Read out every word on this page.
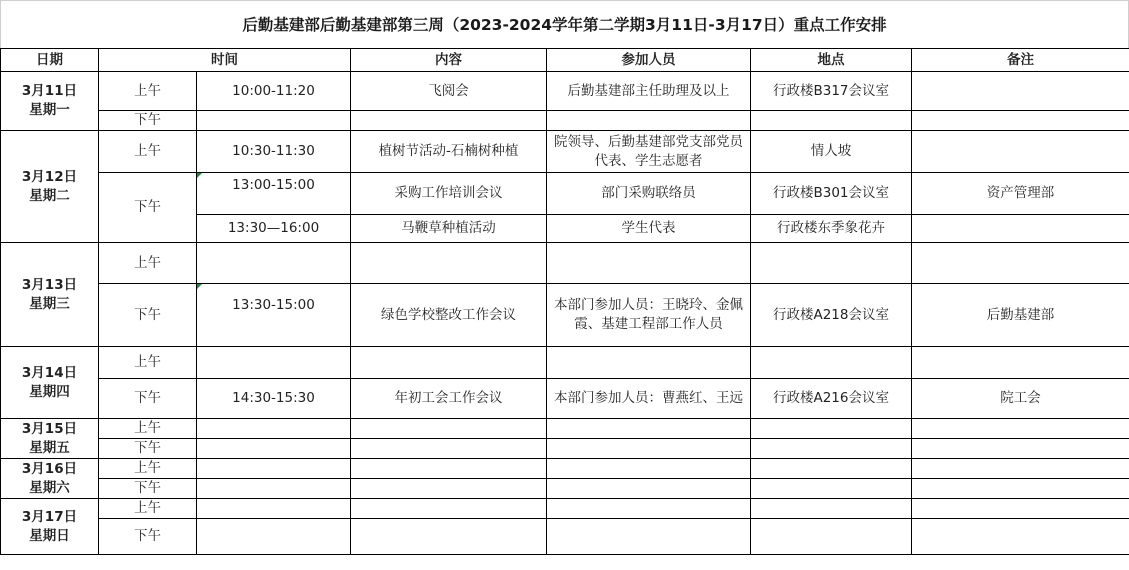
后勤基建部后勤基建部第三周（2023-2024学年第二学期3月11日-3月17日）重点工作安排
日期	时间		内容	参加人员	地点	备注
3月11日
星期一	上午	10:00-11:20	飞阅会	后勤基建部主任助理及以上	行政楼B317会议室	
	下午					
3月12日
星期二	上午	10:30-11:30	植树节活动-石楠树种植	院领导、后勤基建部党支部党员代表、学生志愿者	情人坡	
	下午	13:00-15:00	采购工作培训会议	部门采购联络员	行政楼B301会议室	资产管理部
		13:30—16:00	马鞭草种植活动	学生代表	行政楼东季象花卉	
3月13日
星期三	上午					
	下午	13:30-15:00	绿色学校整改工作会议	本部门参加人员：王晓玲、金佩霞、基建工程部工作人员	行政楼A218会议室	后勤基建部
3月14日
星期四	上午					
	下午	14:30-15:30	年初工会工作会议	本部门参加人员：曹燕红、王远	行政楼A216会议室	院工会
3月15日
星期五	上午					
	下午					
3月16日
星期六	上午					
	下午					
3月17日
星期日	上午					
	下午					
